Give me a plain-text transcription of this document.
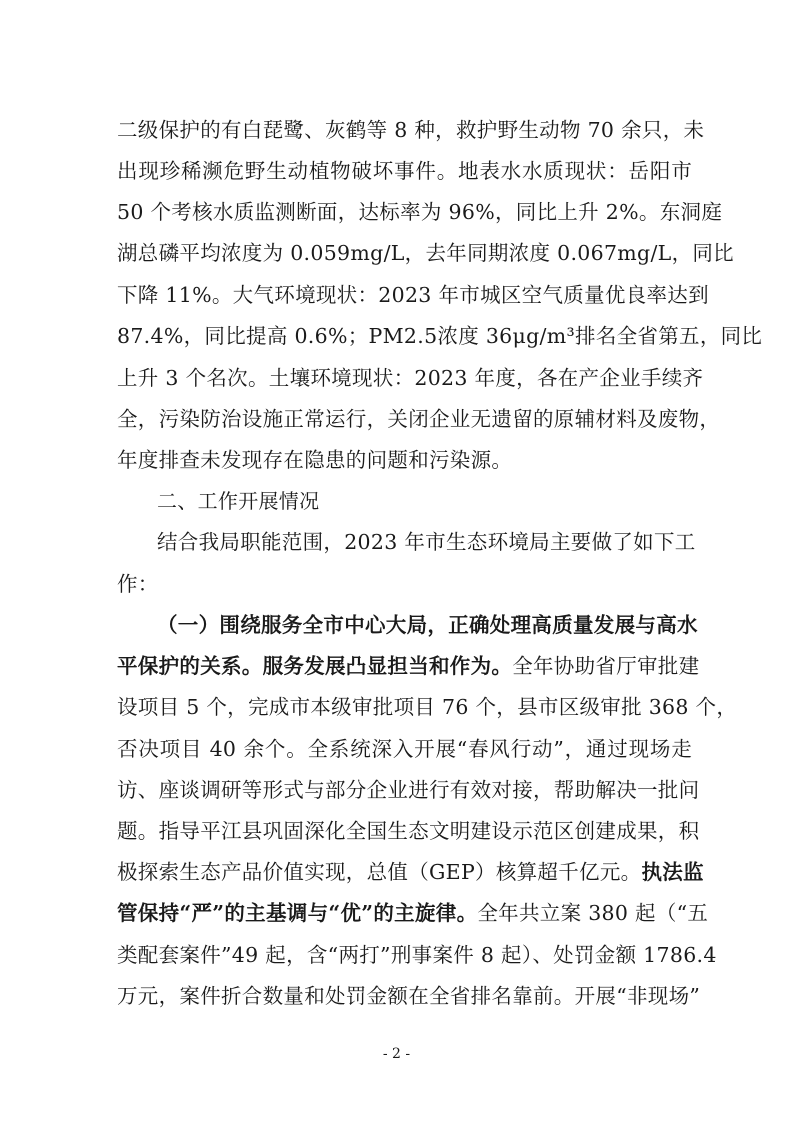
二级保护的有白琵鹭、灰鹤等 8 种，救护野生动物 70 余只，未
出现珍稀濒危野生动植物破坏事件。地表水水质现状：岳阳市
50 个考核水质监测断面，达标率为 96%，同比上升 2%。东洞庭
湖总磷平均浓度为 0.059mg/L，去年同期浓度 0.067mg/L，同比
下降 11%。大气环境现状：2023 年市城区空气质量优良率达到
87.4%，同比提高 0.6%；PM2.5浓度 36μg/m³排名全省第五，同比
上升 3 个名次。土壤环境现状：2023 年度，各在产企业手续齐
全，污染防治设施正常运行，关闭企业无遗留的原辅材料及废物，
年度排查未发现存在隐患的问题和污染源。
二、工作开展情况
结合我局职能范围，2023 年市生态环境局主要做了如下工
作：
（一）围绕服务全市中心大局，正确处理高质量发展与高水
平保护的关系。服务发展凸显担当和作为。全年协助省厅审批建
设项目 5 个，完成市本级审批项目 76 个，县市区级审批 368 个，
否决项目 40 余个。全系统深入开展“春风行动”，通过现场走
访、座谈调研等形式与部分企业进行有效对接，帮助解决一批问
题。指导平江县巩固深化全国生态文明建设示范区创建成果，积
极探索生态产品价值实现，总值（GEP）核算超千亿元。执法监
管保持“严”的主基调与“优”的主旋律。全年共立案 380 起（“五
类配套案件”49 起，含“两打”刑事案件 8 起）、处罚金额 1786.4
万元，案件折合数量和处罚金额在全省排名靠前。开展“非现场”
- 2 -
